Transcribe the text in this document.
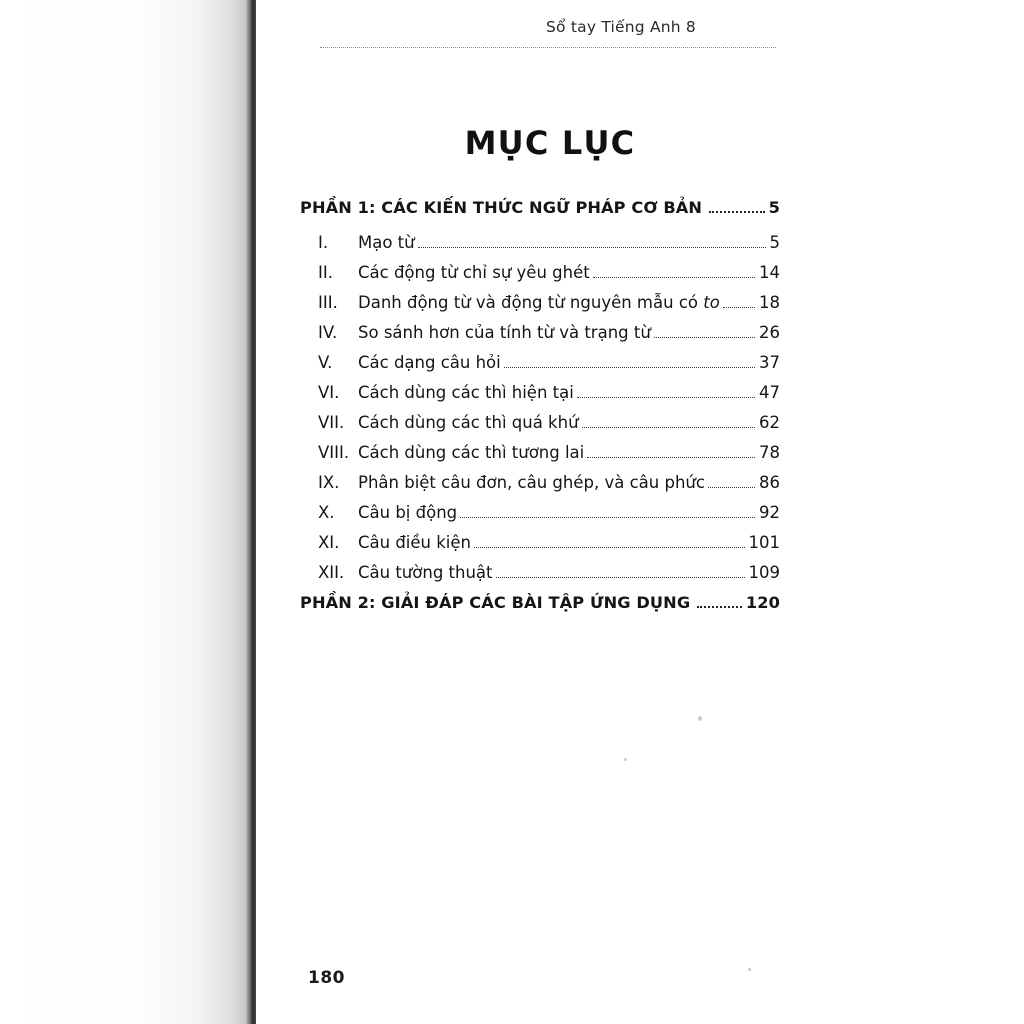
Sổ tay Tiếng Anh 8
MỤC LỤC
PHẦN 1: CÁC KIẾN THỨC NGỮ PHÁP CƠ BẢN	5
I.	Mạo từ	5
II.	Các động từ chỉ sự yêu ghét	14
III.	Danh động từ và động từ nguyên mẫu có to 18
IV.	So sánh hơn của tính từ và trạng từ	26
V.	Các dạng câu hỏi	37
VI.	Cách dùng các thì hiện tại	47
VII. Cách dùng các thì quá khứ	62
VIII. Cách dùng các thì tương lai	78
IX.	Phân biệt câu đơn, câu ghép, và câu phức	86
X.	Câu bị động	92
XI.	Câu điều kiện	101
XII. Câu tường thuật	109
PHẦN 2: GIẢI ĐÁP CÁC BÀI TẬP ỨNG DỤNG	120
180
